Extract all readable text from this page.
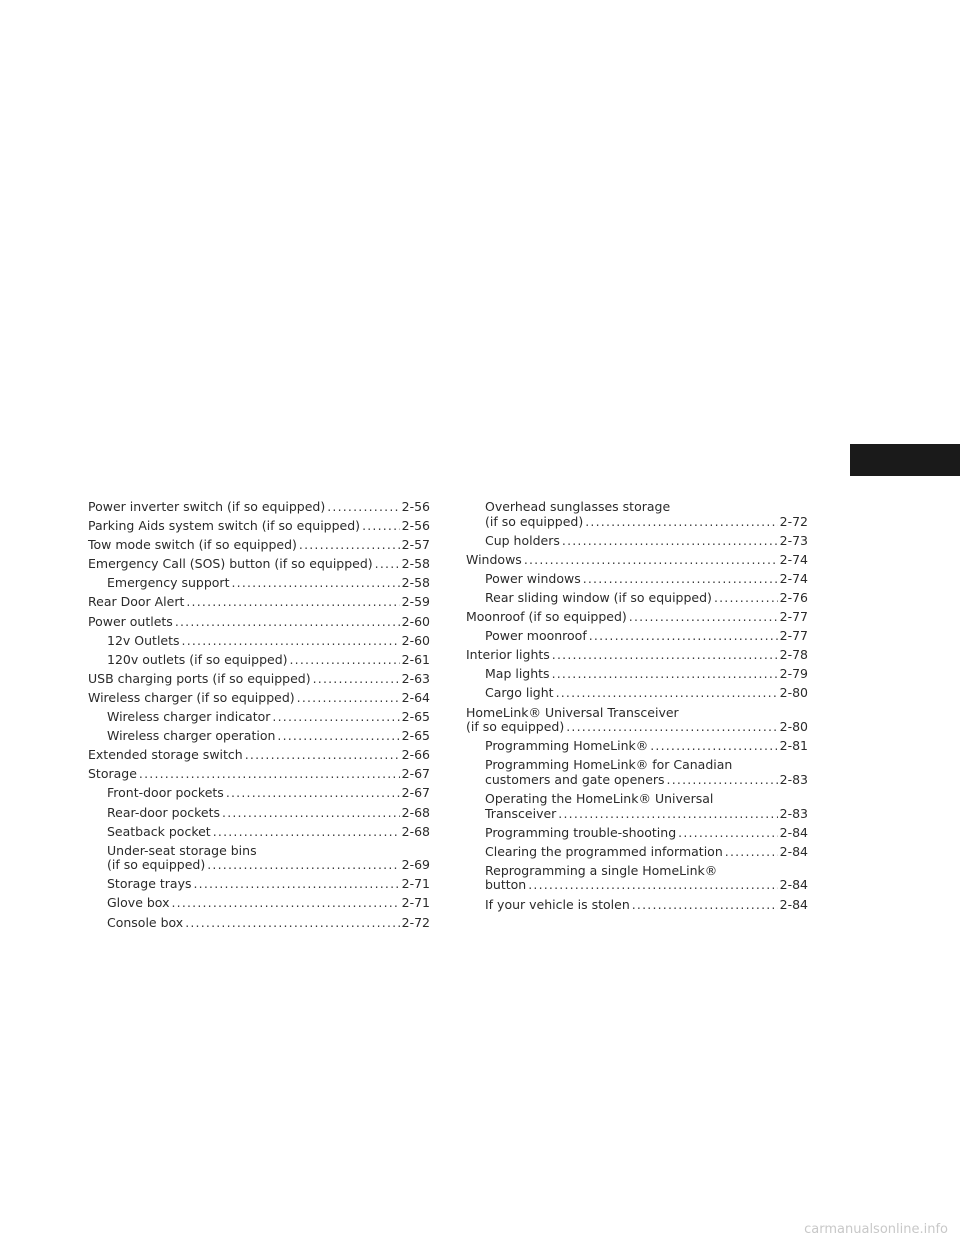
Power inverter switch (if so equipped) .....	2-56
Parking Aids system switch (if so equipped) .....	2-56
Tow mode switch (if so equipped) .....	2-57
Emergency Call (SOS) button (if so equipped) ..... 2-58
Emergency support .....	2-58
Rear Door Alert .....	2-59
Power outlets .....	2-60
12v Outlets .....	2-60
120v outlets (if so equipped) .....	2-61
USB charging ports (if so equipped) .....	2-63
Wireless charger (if so equipped) .....	2-64
Wireless charger indicator .....	2-65
Wireless charger operation .....	2-65
Extended storage switch .....	2-66
Storage .....	2-67
Front-door pockets .....	2-67
Rear-door pockets .....	2-68
Seatback pocket .....	2-68
Under-seat storage bins
(if so equipped) .....	2-69
Storage trays .....	2-71
Glove box .....	2-71
Console box .....	2-72
Overhead sunglasses storage
(if so equipped) .....	2-72
Cup holders .....	2-73
Windows .....	2-74
Power windows .....	2-74
Rear sliding window (if so equipped) .....	2-76
Moonroof (if so equipped) .....	2-77
Power moonroof .....	2-77
Interior lights .....	2-78
Map lights .....	2-79
Cargo light .....	2-80
HomeLink® Universal Transceiver
(if so equipped) .....	2-80
Programming HomeLink® .....	2-81
Programming HomeLink® for Canadian
customers and gate openers .....	2-83
Operating the HomeLink® Universal
Transceiver .....	2-83
Programming trouble-shooting .....	2-84
Clearing the programmed information .....	2-84
Reprogramming a single HomeLink®
button .....	2-84
If your vehicle is stolen .....	2-84
carmanualsonline.info
